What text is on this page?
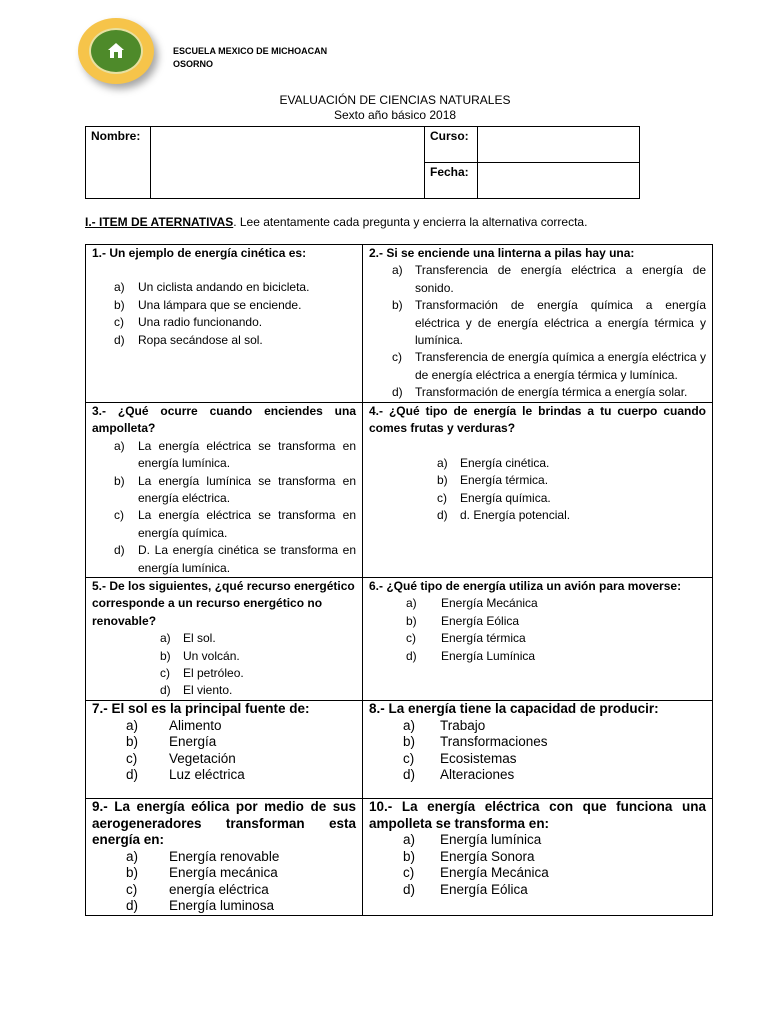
ESCUELA MEXICO DE MICHOACAN
OSORNO
EVALUACIÓN DE CIENCIAS NATURALES
Sexto año básico 2018
Nombre:		Curso:	
		Fecha:	
I.- ITEM DE ATERNATIVAS. Lee atentamente cada pregunta y encierra la alternativa correcta.
1.- Un ejemplo de energía cinética es:
a) Un ciclista andando en bicicleta.
b) Una lámpara que se enciende.
c) Una radio funcionando.
d) Ropa secándose al sol.
2.- Si se enciende una linterna a pilas hay una:
a) Transferencia de energía eléctrica a energía de sonido.
b) Transformación de energía química a energía eléctrica y de energía eléctrica a energía térmica y lumínica.
c) Transferencia de energía química a energía eléctrica y de energía eléctrica a energía térmica y lumínica.
d) Transformación de energía térmica a energía solar.
3.- ¿Qué ocurre cuando enciendes una ampolleta?
a) La energía eléctrica se transforma en energía lumínica.
b) La energía lumínica se transforma en energía eléctrica.
c) La energía eléctrica se transforma en energía química.
d) D. La energía cinética se transforma en energía lumínica.
4.- ¿Qué tipo de energía le brindas a tu cuerpo cuando comes frutas y verduras?
a) Energía cinética.
b) Energía térmica.
c) Energía química.
d) d. Energía potencial.
5.- De los siguientes, ¿qué recurso energético corresponde a un recurso energético no renovable?
a) El sol.
b) Un volcán.
c) El petróleo.
d) El viento.
6.- ¿Qué tipo de energía utiliza un avión para moverse:
a) Energía Mecánica
b) Energía Eólica
c) Energía térmica
d) Energía Lumínica
7.- El sol es la principal fuente de:
a) Alimento
b) Energía
c) Vegetación
d) Luz eléctrica
8.- La energía tiene la capacidad de producir:
a) Trabajo
b) Transformaciones
c) Ecosistemas
d) Alteraciones
9.- La energía eólica por medio de sus aerogeneradores transforman esta energía en:
a) Energía renovable
b) Energía mecánica
c) energía eléctrica
d) Energía luminosa
10.- La energía eléctrica con que funciona una ampolleta se transforma en:
a) Energía lumínica
b) Energía Sonora
c) Energía Mecánica
d) Energía Eólica
